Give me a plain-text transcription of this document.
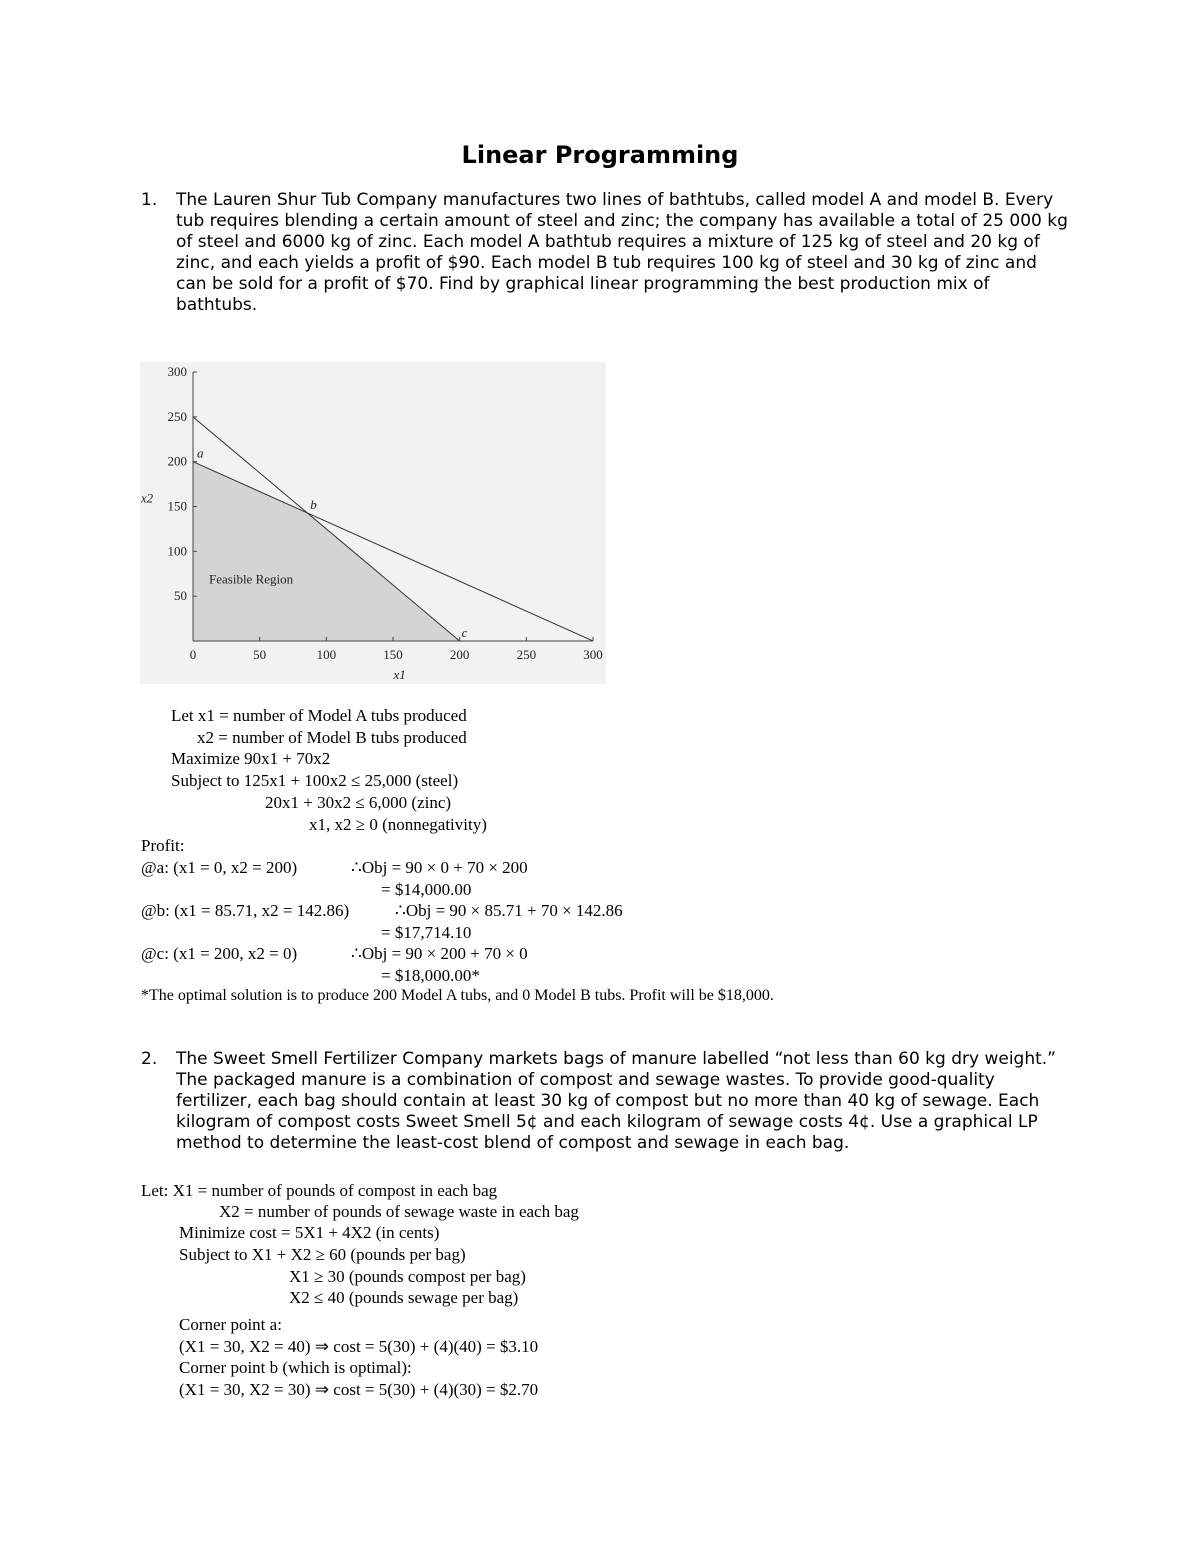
Linear Programming
1. The Lauren Shur Tub Company manufactures two lines of bathtubs, called model A and model B. Every tub requires blending a certain amount of steel and zinc; the company has available a total of 25 000 kg of steel and 6000 kg of zinc. Each model A bathtub requires a mixture of 125 kg of steel and 20 kg of zinc, and each yields a profit of $90. Each model B tub requires 100 kg of steel and 30 kg of zinc and can be sold for a profit of $70. Find by graphical linear programming the best production mix of bathtubs.
Feasible Region
0	50	100	150	200	250	300
50
100
150
200
250
300
x2
x1
a
b
c
Let x1 = number of Model A tubs produced
x2 = number of Model B tubs produced
Maximize 90x1 + 70x2
Subject to 125x1 + 100x2 ≤ 25,000 (steel)
20x1 + 30x2 ≤ 6,000 (zinc)
x1, x2 ≥ 0 (nonnegativity)
Profit:
@a: (x1 = 0, x2 = 200)	∴Obj = 90 × 0 + 70 × 200
= $14,000.00
@b: (x1 = 85.71, x2 = 142.86)	∴Obj = 90 × 85.71 + 70 × 142.86
= $17,714.10
@c: (x1 = 200, x2 = 0)	∴Obj = 90 × 200 + 70 × 0
= $18,000.00*
*The optimal solution is to produce 200 Model A tubs, and 0 Model B tubs. Profit will be $18,000.
2. The Sweet Smell Fertilizer Company markets bags of manure labelled “not less than 60 kg dry weight.” The packaged manure is a combination of compost and sewage wastes. To provide good-quality fertilizer, each bag should contain at least 30 kg of compost but no more than 40 kg of sewage. Each kilogram of compost costs Sweet Smell 5¢ and each kilogram of sewage costs 4¢. Use a graphical LP method to determine the least-cost blend of compost and sewage in each bag.
Let: X1 = number of pounds of compost in each bag
X2 = number of pounds of sewage waste in each bag
Minimize cost = 5X1 + 4X2 (in cents)
Subject to X1 + X2 ≥ 60 (pounds per bag)
X1 ≥ 30 (pounds compost per bag)
X2 ≤ 40 (pounds sewage per bag)
Corner point a:
(X1 = 30, X2 = 40) ⇒ cost = 5(30) + (4)(40) = $3.10
Corner point b (which is optimal):
(X1 = 30, X2 = 30) ⇒ cost = 5(30) + (4)(30) = $2.70
